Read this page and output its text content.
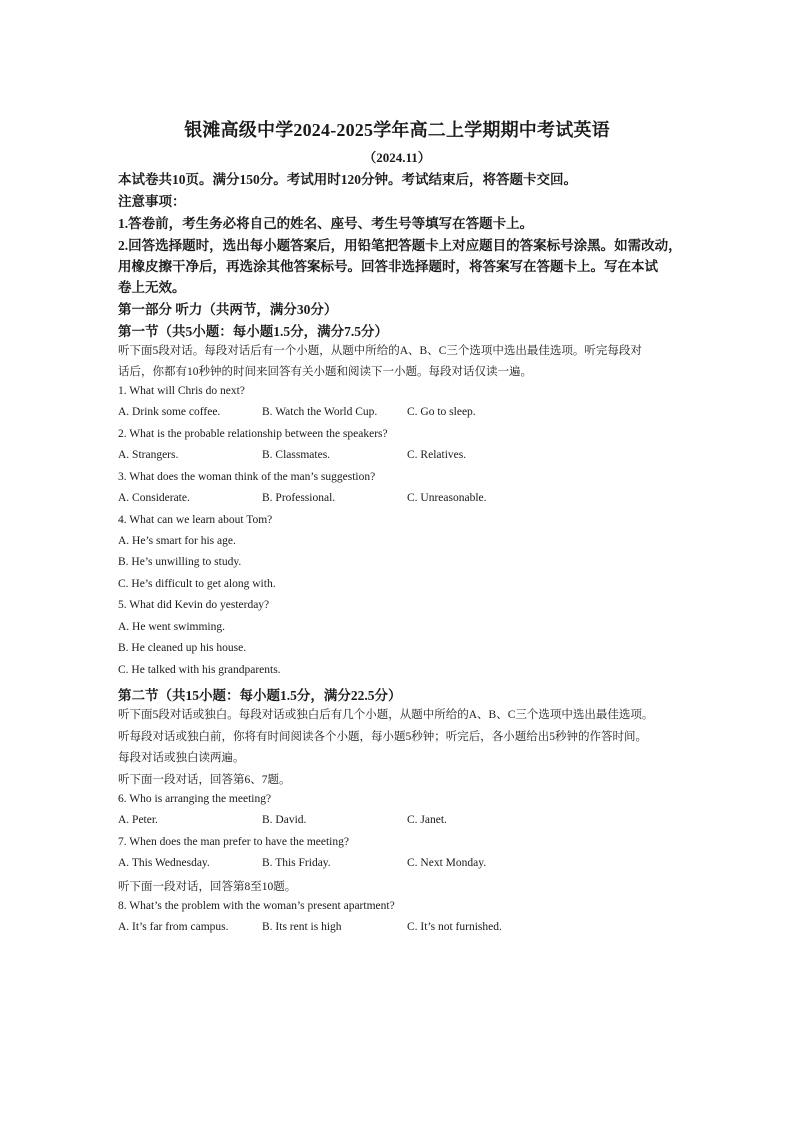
银滩高级中学2024-2025学年高二上学期期中考试英语
（2024.11）
本试卷共10页。满分150分。考试用时120分钟。考试结束后，将答题卡交回。
注意事项：
1.答卷前，考生务必将自己的姓名、座号、考生号等填写在答题卡上。
2.回答选择题时，选出每小题答案后，用铅笔把答题卡上对应题目的答案标号涂黑。如需改动，
用橡皮擦干净后，再选涂其他答案标号。回答非选择题时，将答案写在答题卡上。写在本试
卷上无效。
第一部分 听力（共两节，满分30分）
第一节（共5小题：每小题1.5分，满分7.5分）
听下面5段对话。每段对话后有一个小题，从题中所给的A、B、C三个选项中选出最佳选项。听完每段对
话后，你都有10秒钟的时间来回答有关小题和阅读下一小题。每段对话仅读一遍。
1. What will Chris do next?
A. Drink some coffee.	B. Watch the World Cup.	C. Go to sleep.
2. What is the probable relationship between the speakers?
A. Strangers.	B. Classmates.	C. Relatives.
3. What does the woman think of the man’s suggestion?
A. Considerate.	B. Professional.	C. Unreasonable.
4. What can we learn about Tom?
A. He’s smart for his age.
B. He’s unwilling to study.
C. He’s difficult to get along with.
5. What did Kevin do yesterday?
A. He went swimming.
B. He cleaned up his house.
C. He talked with his grandparents.
第二节（共15小题：每小题1.5分，满分22.5分）
听下面5段对话或独白。每段对话或独白后有几个小题，从题中所给的A、B、C三个选项中选出最佳选项。
听每段对话或独白前，你将有时间阅读各个小题，每小题5秒钟；听完后，各小题给出5秒钟的作答时间。
每段对话或独白读两遍。
听下面一段对话，回答第6、7题。
6. Who is arranging the meeting?
A. Peter.	B. David.	C. Janet.
7. When does the man prefer to have the meeting?
A. This Wednesday.	B. This Friday.	C. Next Monday.
听下面一段对话，回答第8至10题。
8. What’s the problem with the woman’s present apartment?
A. It’s far from campus.	B. Its rent is high	C. It’s not furnished.
